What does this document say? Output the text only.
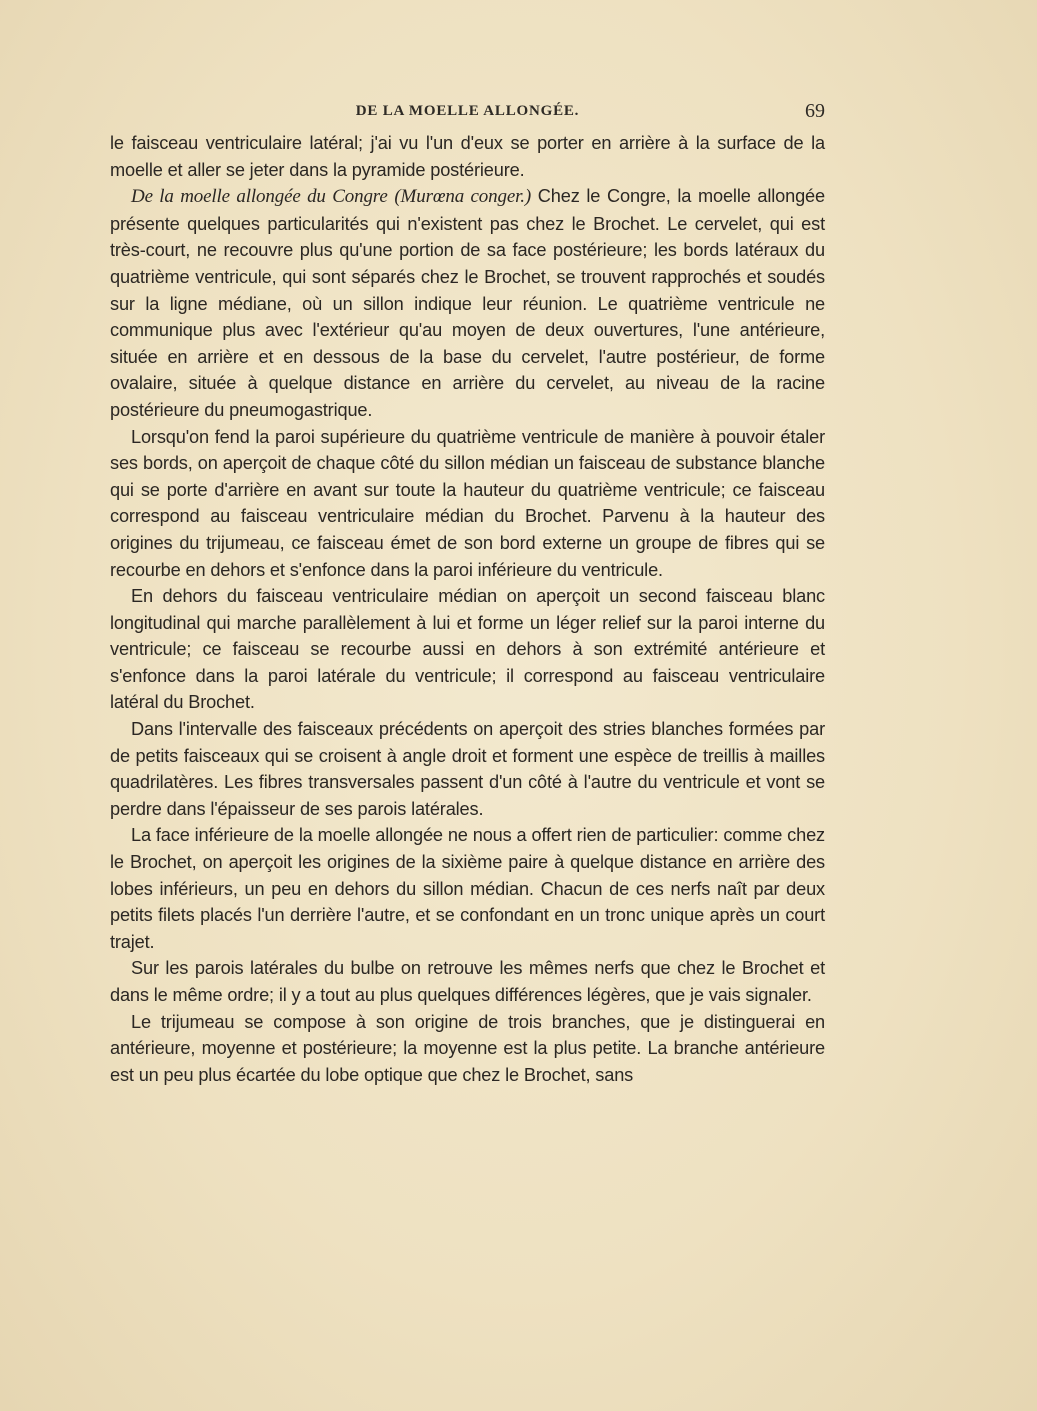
DE LA MOELLE ALLONGÉE.	69

le faisceau ventriculaire latéral; j'ai vu l'un d'eux se porter en arrière à la surface de la moelle et aller se jeter dans la pyramide postérieure.

De la moelle allongée du Congre (Murœna conger.) Chez le Congre, la moelle allongée présente quelques particularités qui n'existent pas chez le Brochet. Le cervelet, qui est très-court, ne recouvre plus qu'une portion de sa face postérieure; les bords latéraux du quatrième ventricule, qui sont séparés chez le Brochet, se trouvent rapprochés et soudés sur la ligne médiane, où un sillon indique leur réunion. Le quatrième ventricule ne communique plus avec l'extérieur qu'au moyen de deux ouvertures, l'une antérieure, située en arrière et en dessous de la base du cervelet, l'autre postérieur, de forme ovalaire, située à quelque distance en arrière du cervelet, au niveau de la racine postérieure du pneumogastrique.

Lorsqu'on fend la paroi supérieure du quatrième ventricule de manière à pouvoir étaler ses bords, on aperçoit de chaque côté du sillon médian un faisceau de substance blanche qui se porte d'arrière en avant sur toute la hauteur du quatrième ventricule; ce faisceau correspond au faisceau ventriculaire médian du Brochet. Parvenu à la hauteur des origines du trijumeau, ce faisceau émet de son bord externe un groupe de fibres qui se recourbe en dehors et s'enfonce dans la paroi inférieure du ventricule.

En dehors du faisceau ventriculaire médian on aperçoit un second faisceau blanc longitudinal qui marche parallèlement à lui et forme un léger relief sur la paroi interne du ventricule; ce faisceau se recourbe aussi en dehors à son extrémité antérieure et s'enfonce dans la paroi latérale du ventricule; il correspond au faisceau ventriculaire latéral du Brochet.

Dans l'intervalle des faisceaux précédents on aperçoit des stries blanches formées par de petits faisceaux qui se croisent à angle droit et forment une espèce de treillis à mailles quadrilatères. Les fibres transversales passent d'un côté à l'autre du ventricule et vont se perdre dans l'épaisseur de ses parois latérales.

La face inférieure de la moelle allongée ne nous a offert rien de particulier: comme chez le Brochet, on aperçoit les origines de la sixième paire à quelque distance en arrière des lobes inférieurs, un peu en dehors du sillon médian. Chacun de ces nerfs naît par deux petits filets placés l'un derrière l'autre, et se confondant en un tronc unique après un court trajet.

Sur les parois latérales du bulbe on retrouve les mêmes nerfs que chez le Brochet et dans le même ordre; il y a tout au plus quelques différences légères, que je vais signaler.

Le trijumeau se compose à son origine de trois branches, que je distinguerai en antérieure, moyenne et postérieure; la moyenne est la plus petite. La branche antérieure est un peu plus écartée du lobe optique que chez le Brochet, sans
